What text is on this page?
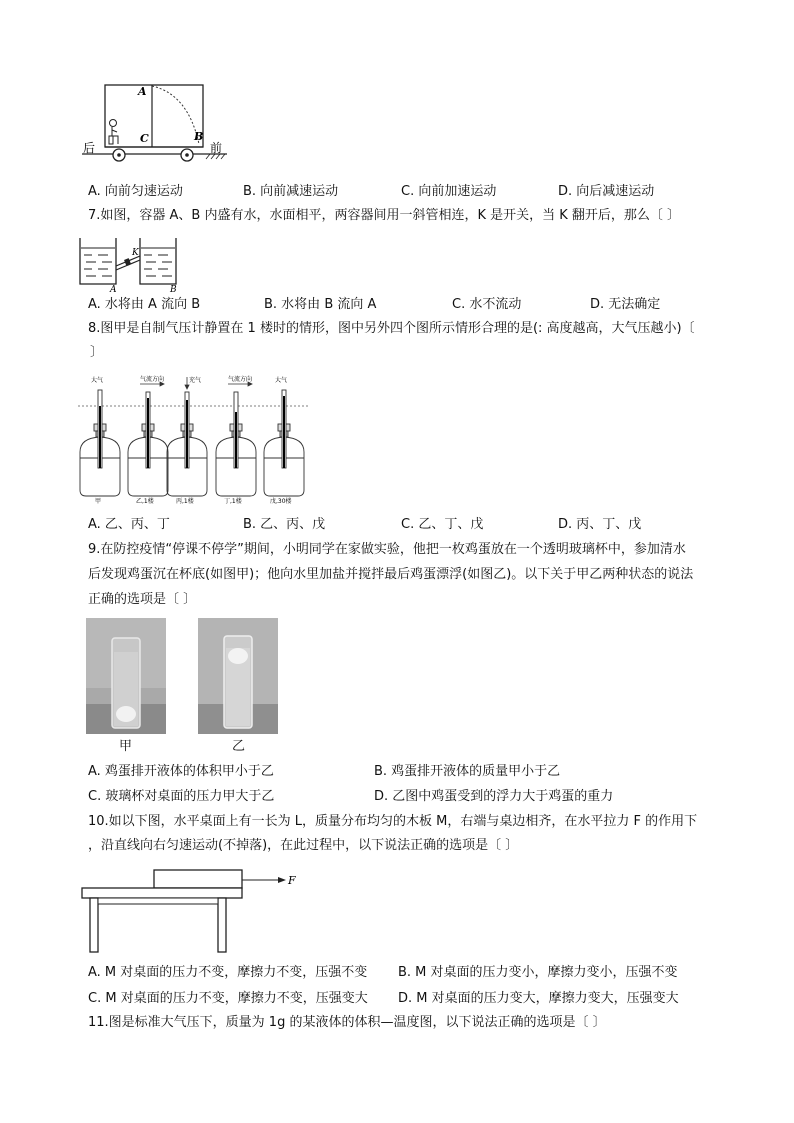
A
C	B
后	前
A. 向前匀速运动	B. 向前减速运动	C. 向前加速运动	D. 向后减速运动
7.如图，容器 A、B 内盛有水，水面相平，两容器间用一斜管相连，K 是开关，当 K 翻开后，那么〔 〕
K
A	B
A. 水将由 A 流向 B	B. 水将由 B 流向 A	C. 水不流动	D. 无法确定
8.图甲是自制气压计静置在 1 楼时的情形，图中另外四个图所示情形合理的是(: 高度越高，大气压越小)〔
〕
大气	气流方向	充气	气流方向	大气
甲	乙,1楼	丙,1楼	丁,1楼	戊,30楼
A. 乙、丙、丁	B. 乙、丙、戊	C. 乙、丁、戊	D. 丙、丁、戊
9.在防控疫情“停课不停学”期间，小明同学在家做实验，他把一枚鸡蛋放在一个透明玻璃杯中，参加清水
后发现鸡蛋沉在杯底(如图甲)；他向水里加盐并搅拌最后鸡蛋漂浮(如图乙)。以下关于甲乙两种状态的说法
正确的选项是〔 〕
甲	乙
A. 鸡蛋排开液体的体积甲小于乙	B. 鸡蛋排开液体的质量甲小于乙
C. 玻璃杯对桌面的压力甲大于乙	D. 乙图中鸡蛋受到的浮力大于鸡蛋的重力
10.如以下图，水平桌面上有一长为 L，质量分布均匀的木板 M，右端与桌边相齐，在水平拉力 F 的作用下
，沿直线向右匀速运动(不掉落)，在此过程中，以下说法正确的选项是〔 〕
F
A. M 对桌面的压力不变，摩擦力不变，压强不变 B. M 对桌面的压力变小，摩擦力变小，压强不变
C. M 对桌面的压力不变，摩擦力不变，压强变大 D. M 对桌面的压力变大，摩擦力变大，压强变大
11.图是标准大气压下，质量为 1g 的某液体的体积—温度图，以下说法正确的选项是〔 〕
